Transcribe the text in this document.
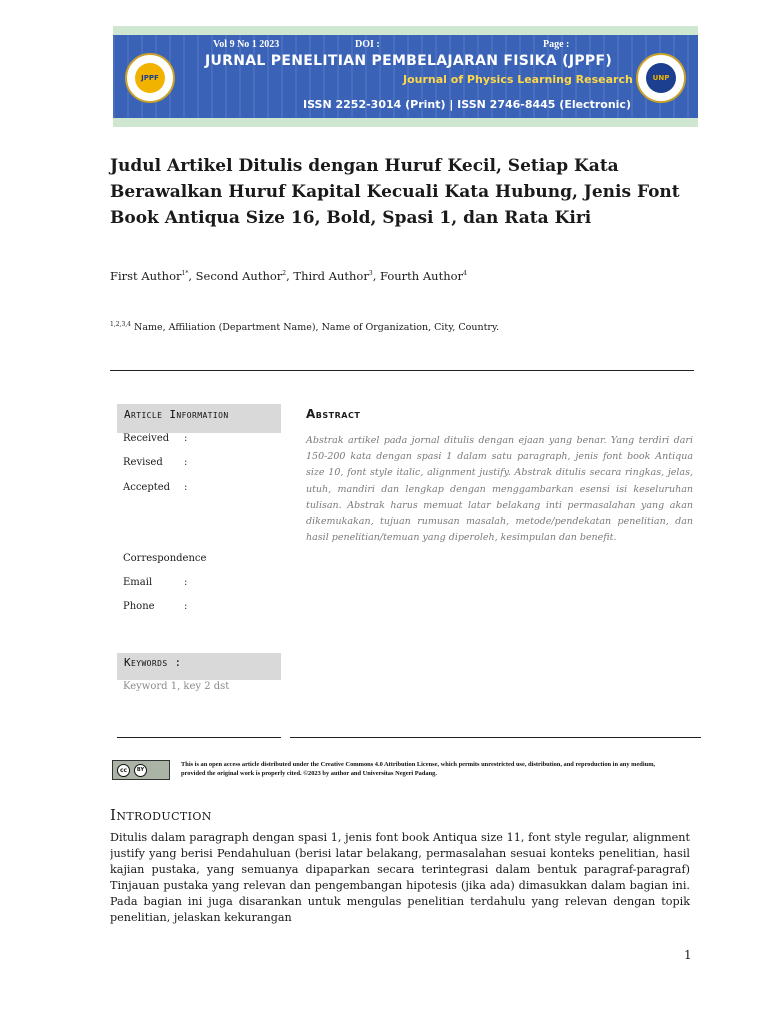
JPPF	UNP
Vol 9 No 1 2023	DOI :	Page :
JURNAL PENELITIAN PEMBELAJARAN FISIKA (JPPF)
Journal of Physics Learning Research
ISSN 2252-3014 (Print) | ISSN 2746-8445 (Electronic)
Judul Artikel Ditulis dengan Huruf Kecil, Setiap Kata Berawalkan Huruf Kapital Kecuali Kata Hubung, Jenis Font Book Antiqua Size 16, Bold, Spasi 1, dan Rata Kiri
First Author$^{1*}$, Second Author$^2$, Third Author$^3$, Fourth Author$^4$
$^{1,2,3,4}$ Name, Affiliation (Department Name), Name of Organization, City, Country.
Article Information
Received :
Revised :
Accepted :
Correspondence
Email	:
Phone	:
Abstract

Abstrak artikel pada jornal ditulis dengan ejaan yang benar. Yang terdiri dari 150-200 kata dengan spasi 1 dalam satu paragraph, jenis font book Antiqua size 10, font style italic, alignment justify. Abstrak ditulis secara ringkas, jelas, utuh, mandiri dan lengkap dengan menggambarkan esensi isi keseluruhan tulisan. Abstrak harus memuat latar belakang inti permasalahan yang akan dikemukakan, tujuan rumusan masalah, metode/pendekatan penelitian, dan hasil penelitian/temuan yang diperoleh, kesimpulan dan benefit.

Keywords :
Keyword 1, key 2 dst
cc	BY

This is an open access article distributed under the Creative Commons 4.0 Attribution License, which permits unrestricted use, distribution, and reproduction in any medium, provided the original work is properly cited. ©2023 by author and Universitas Negeri Padang.

Introduction

Ditulis dalam paragraph dengan spasi 1, jenis font book Antiqua size 11, font style regular, alignment justify yang berisi Pendahuluan (berisi latar belakang, permasalahan sesuai konteks penelitian, hasil kajian pustaka, yang semuanya dipaparkan secara terintegrasi dalam bentuk paragraf-paragraf) Tinjauan pustaka yang relevan dan pengembangan hipotesis (jika ada) dimasukkan dalam bagian ini. Pada bagian ini juga disarankan untuk mengulas penelitian terdahulu yang relevan dengan topik penelitian, jelaskan kekurangan

1
